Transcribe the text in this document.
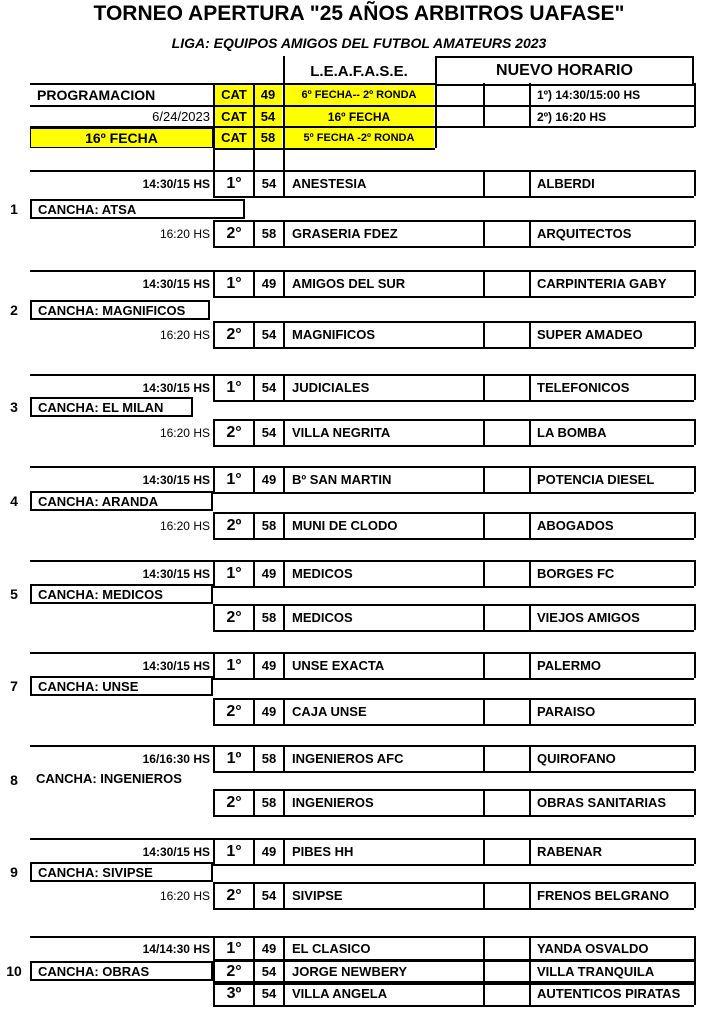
TORNEO APERTURA "25 AÑOS ARBITROS UAFASE"
LIGA: EQUIPOS AMIGOS DEL FUTBOL AMATEURS 2023
L.E.A.F.A.S.E.	NUEVO HORARIO
PROGRAMACION	CAT	49	6º FECHA-- 2º RONDA	1º) 14:30/15:00 HS
6/24/2023 CAT	54	16º FECHA	2º) 16:20 HS
16º FECHA	CAT	58	5º FECHA -2º RONDA
1	CANCHA: ATSA
14:30/15 HS	1°	54	ANESTESIA	ALBERDI
16:20 HS	2°	58	GRASERIA FDEZ	ARQUITECTOS
2	CANCHA: MAGNIFICOS
14:30/15 HS	1°	49	AMIGOS DEL SUR	CARPINTERIA GABY
16:20 HS	2°	54	MAGNIFICOS	SUPER AMADEO
3	CANCHA: EL MILAN
14:30/15 HS	1°	54	JUDICIALES	TELEFONICOS
16:20 HS	2°	54	VILLA NEGRITA	LA BOMBA
4	CANCHA: ARANDA
14:30/15 HS	1°	49	Bº SAN MARTIN	POTENCIA DIESEL
16:20 HS	2º	58	MUNI DE CLODO	ABOGADOS
5	CANCHA: MEDICOS
14:30/15 HS	1°	49	MEDICOS	BORGES FC
2°	58	MEDICOS	VIEJOS AMIGOS
7	CANCHA: UNSE
14:30/15 HS	1°	49	UNSE EXACTA	PALERMO
2°	49	CAJA UNSE	PARAISO
8	CANCHA: INGENIEROS
16/16:30 HS	1º	58	INGENIEROS AFC	QUIROFANO
2°	58	INGENIEROS	OBRAS SANITARIAS
9	CANCHA: SIVIPSE
14:30/15 HS	1°	49	PIBES HH	RABENAR
16:20 HS	2°	54	SIVIPSE	FRENOS BELGRANO
10	CANCHA: OBRAS
14/14:30 HS	1°	49	EL CLASICO	YANDA OSVALDO
2°	54	JORGE NEWBERY	VILLA TRANQUILA
3º	54	VILLA ANGELA	AUTENTICOS PIRATAS
